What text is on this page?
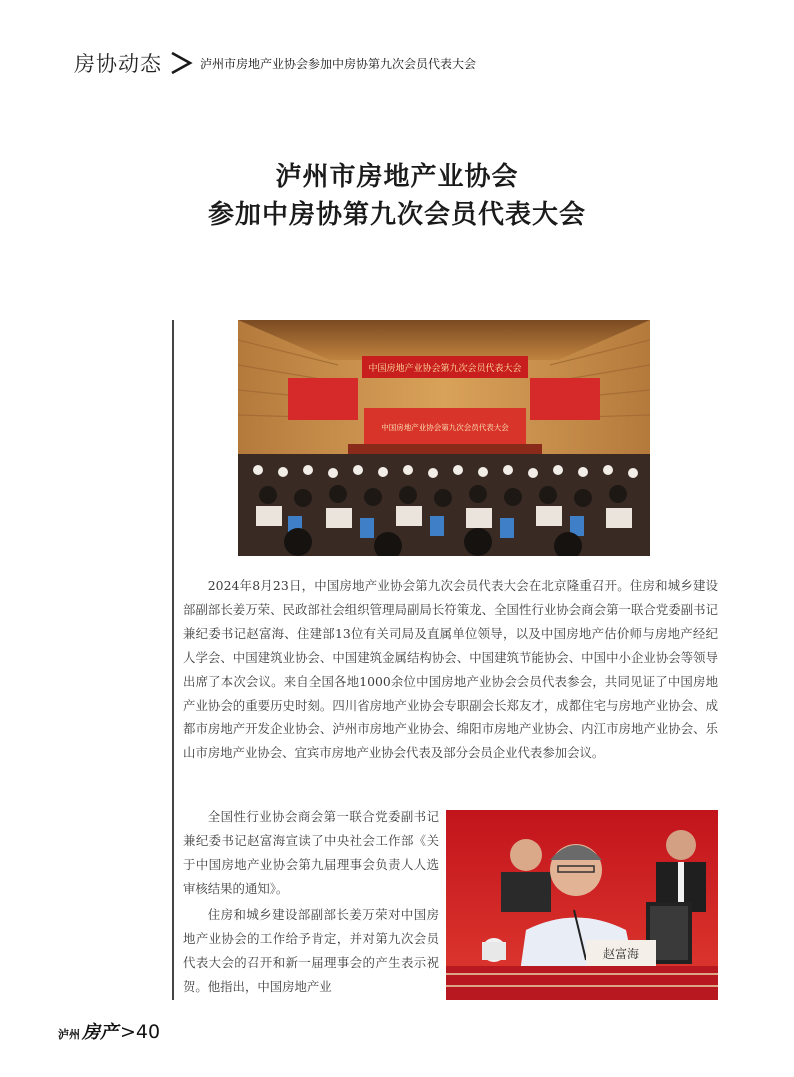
房协动态	泸州市房地产业协会参加中房协第九次会员代表大会
泸州市房地产业协会
参加中房协第九次会员代表大会
中国房地产业协会第九次会员代表大会
中国房地产业协会第九次会员代表大会
2024年8月23日，中国房地产业协会第九次会员代表大会在北京隆重召开。住房和城乡建设部副部长姜万荣、民政部社会组织管理局副局长符策龙、全国性行业协会商会第一联合党委副书记兼纪委书记赵富海、住建部13位有关司局及直属单位领导，以及中国房地产估价师与房地产经纪人学会、中国建筑业协会、中国建筑金属结构协会、中国建筑节能协会、中国中小企业协会等领导出席了本次会议。来自全国各地1000余位中国房地产业协会会员代表参会，共同见证了中国房地产业协会的重要历史时刻。四川省房地产业协会专职副会长郑友才，成都住宅与房地产业协会、成都市房地产开发企业协会、泸州市房地产业协会、绵阳市房地产业协会、内江市房地产业协会、乐山市房地产业协会、宜宾市房地产业协会代表及部分会员企业代表参加会议。
全国性行业协会商会第一联合党委副书记兼纪委书记赵富海宣读了中央社会工作部《关于中国房地产业协会第九届理事会负责人人选审核结果的通知》。
住房和城乡建设部副部长姜万荣对中国房地产业协会的工作给予肯定，并对第九次会员代表大会的召开和新一届理事会的产生表示祝贺。他指出，中国房地产业
赵富海
泸州 房产 >40
